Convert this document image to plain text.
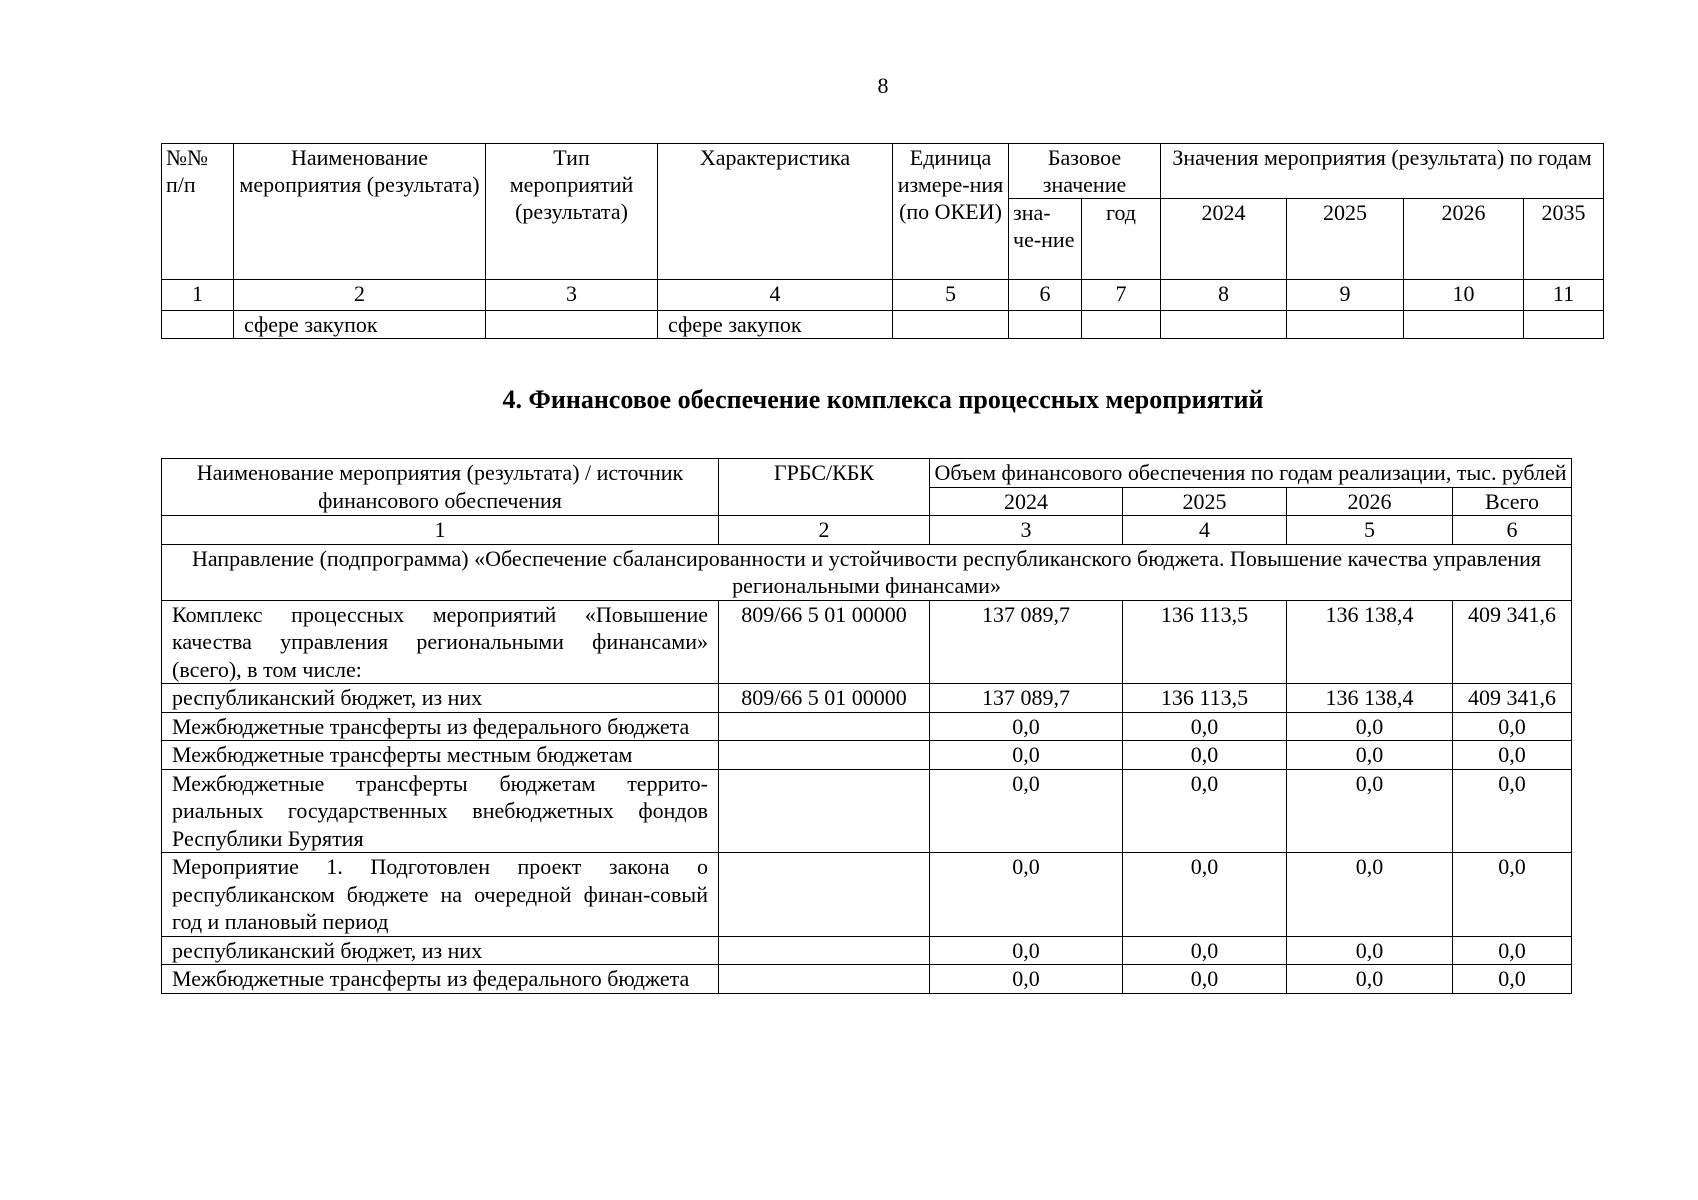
8
№№ п/п	Наименование мероприятия (результата)	Тип мероприятий (результата)	Характеристика	Единица измере-ния (по ОКЕИ)	Базовое значение		Значения мероприятия (результата) по годам			
					зна-че-ние	год	2024	2025	2026	2035
1	2	3	4	5	6	7	8	9	10	11
	сфере закупок		сфере закупок							
4. Финансовое обеспечение комплекса процессных мероприятий
Наименование мероприятия (результата) / источник финансового обеспечения	ГРБС/КБК	Объем финансового обеспечения по годам реализации, тыс. рублей			
		2024	2025	2026	Всего
1	2	3	4	5	6
Направление (подпрограмма) «Обеспечение сбалансированности и устойчивости республиканского бюджета. Повышение качества управления региональными финансами»					
Комплекс процессных мероприятий «Повышение качества управления региональными финансами» (всего), в том числе:	809/66 5 01 00000	137 089,7	136 113,5	136 138,4	409 341,6
республиканский бюджет, из них	809/66 5 01 00000	137 089,7	136 113,5	136 138,4	409 341,6
Межбюджетные трансферты из федерального бюджета		0,0	0,0	0,0	0,0
Межбюджетные трансферты местным бюджетам		0,0	0,0	0,0	0,0
Межбюджетные трансферты бюджетам террито-риальных государственных внебюджетных фондов Республики Бурятия		0,0	0,0	0,0	0,0
Мероприятие 1. Подготовлен проект закона о республиканском бюджете на очередной финан-совый год и плановый период		0,0	0,0	0,0	0,0
республиканский бюджет, из них		0,0	0,0	0,0	0,0
Межбюджетные трансферты из федерального бюджета		0,0	0,0	0,0	0,0
